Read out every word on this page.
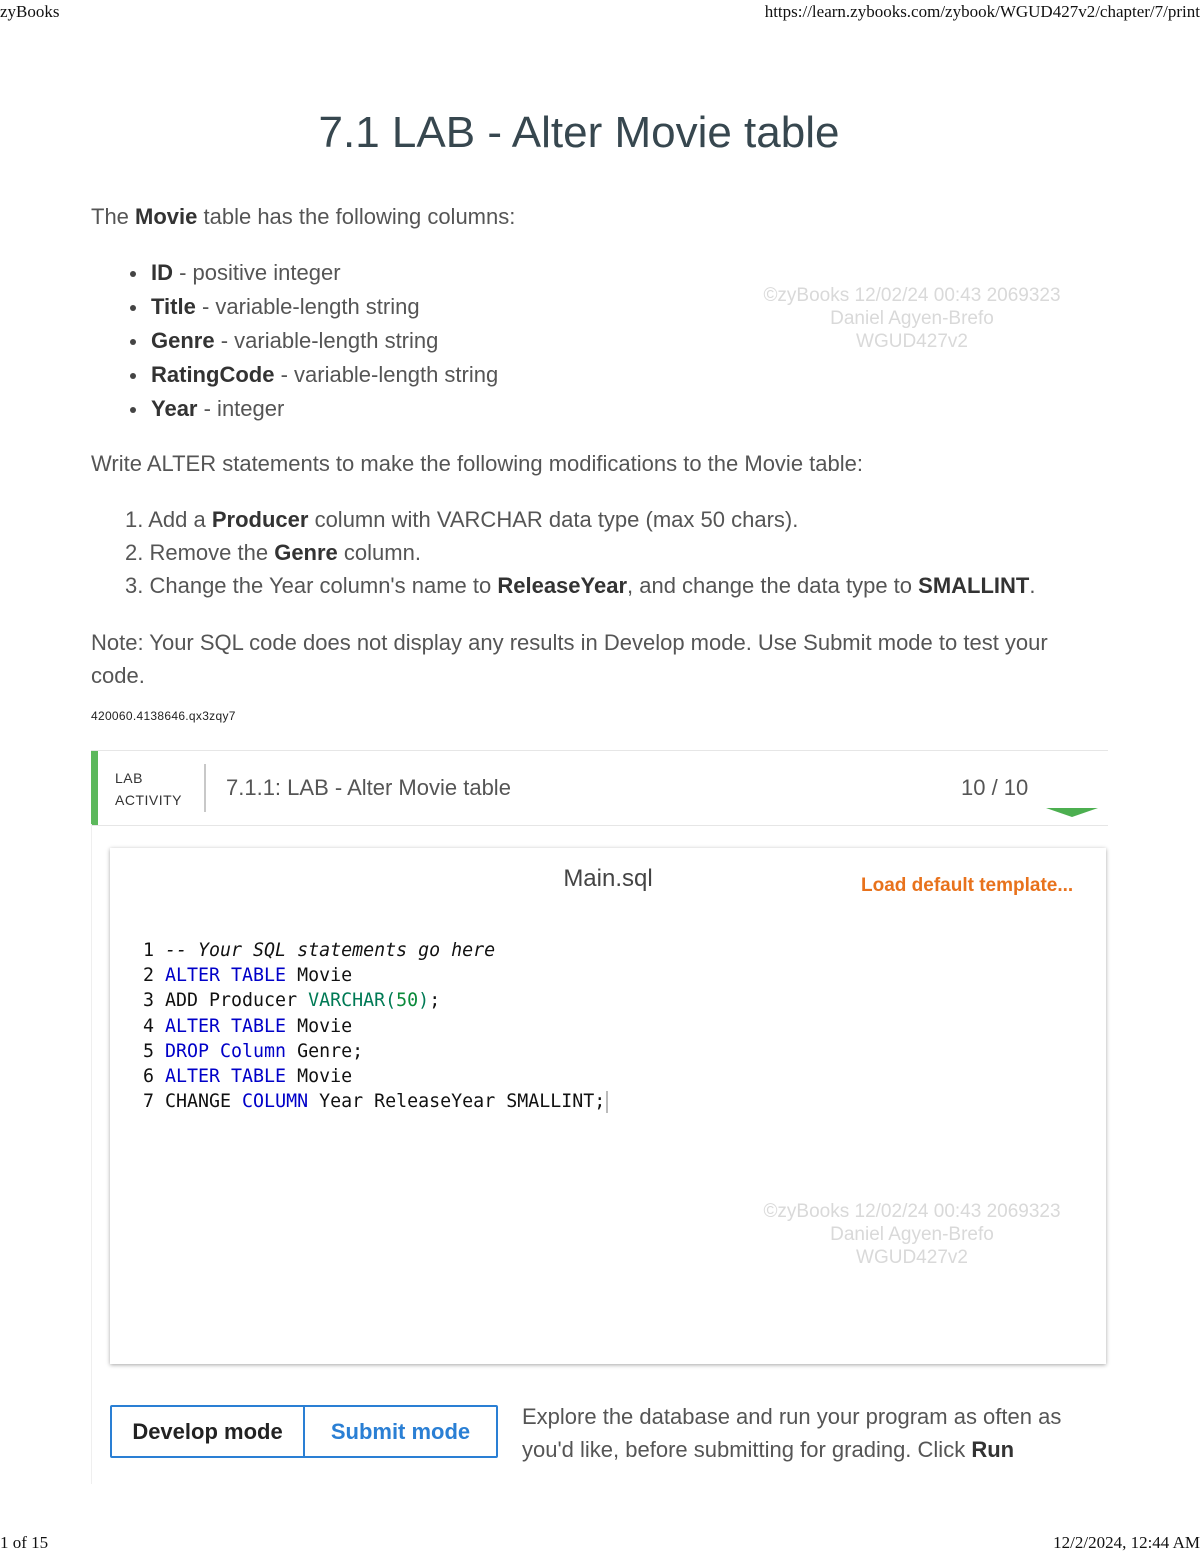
zyBooks	https://learn.zybooks.com/zybook/WGUD427v2/chapter/7/print
7.1 LAB - Alter Movie table
The Movie table has the following columns:
ID - positive integer
Title - variable-length string
Genre - variable-length string
RatingCode - variable-length string
Year - integer
©zyBooks 12/02/24 00:43 2069323
Daniel Agyen-Brefo
WGUD427v2
Write ALTER statements to make the following modifications to the Movie table:
1. Add a Producer column with VARCHAR data type (max 50 chars).
2. Remove the Genre column.
3. Change the Year column's name to ReleaseYear, and change the data type to SMALLINT.
Note: Your SQL code does not display any results in Develop mode. Use Submit mode to test your code.
420060.4138646.qx3zqy7
LAB
ACTIVITY 7.1.1: LAB - Alter Movie table	10 / 10
Main.sql	Load default template...
1 -- Your SQL statements go here
2 ALTER TABLE Movie
3 ADD Producer VARCHAR(50);
4 ALTER TABLE Movie
5 DROP Column Genre;
6 ALTER TABLE Movie
7 CHANGE COLUMN Year ReleaseYear SMALLINT;
©zyBooks 12/02/24 00:43 2069323
Daniel Agyen-Brefo
WGUD427v2
Develop mode	Submit mode
Explore the database and run your program as often as you'd like, before submitting for grading. Click Run
1 of 15	12/2/2024, 12:44 AM
